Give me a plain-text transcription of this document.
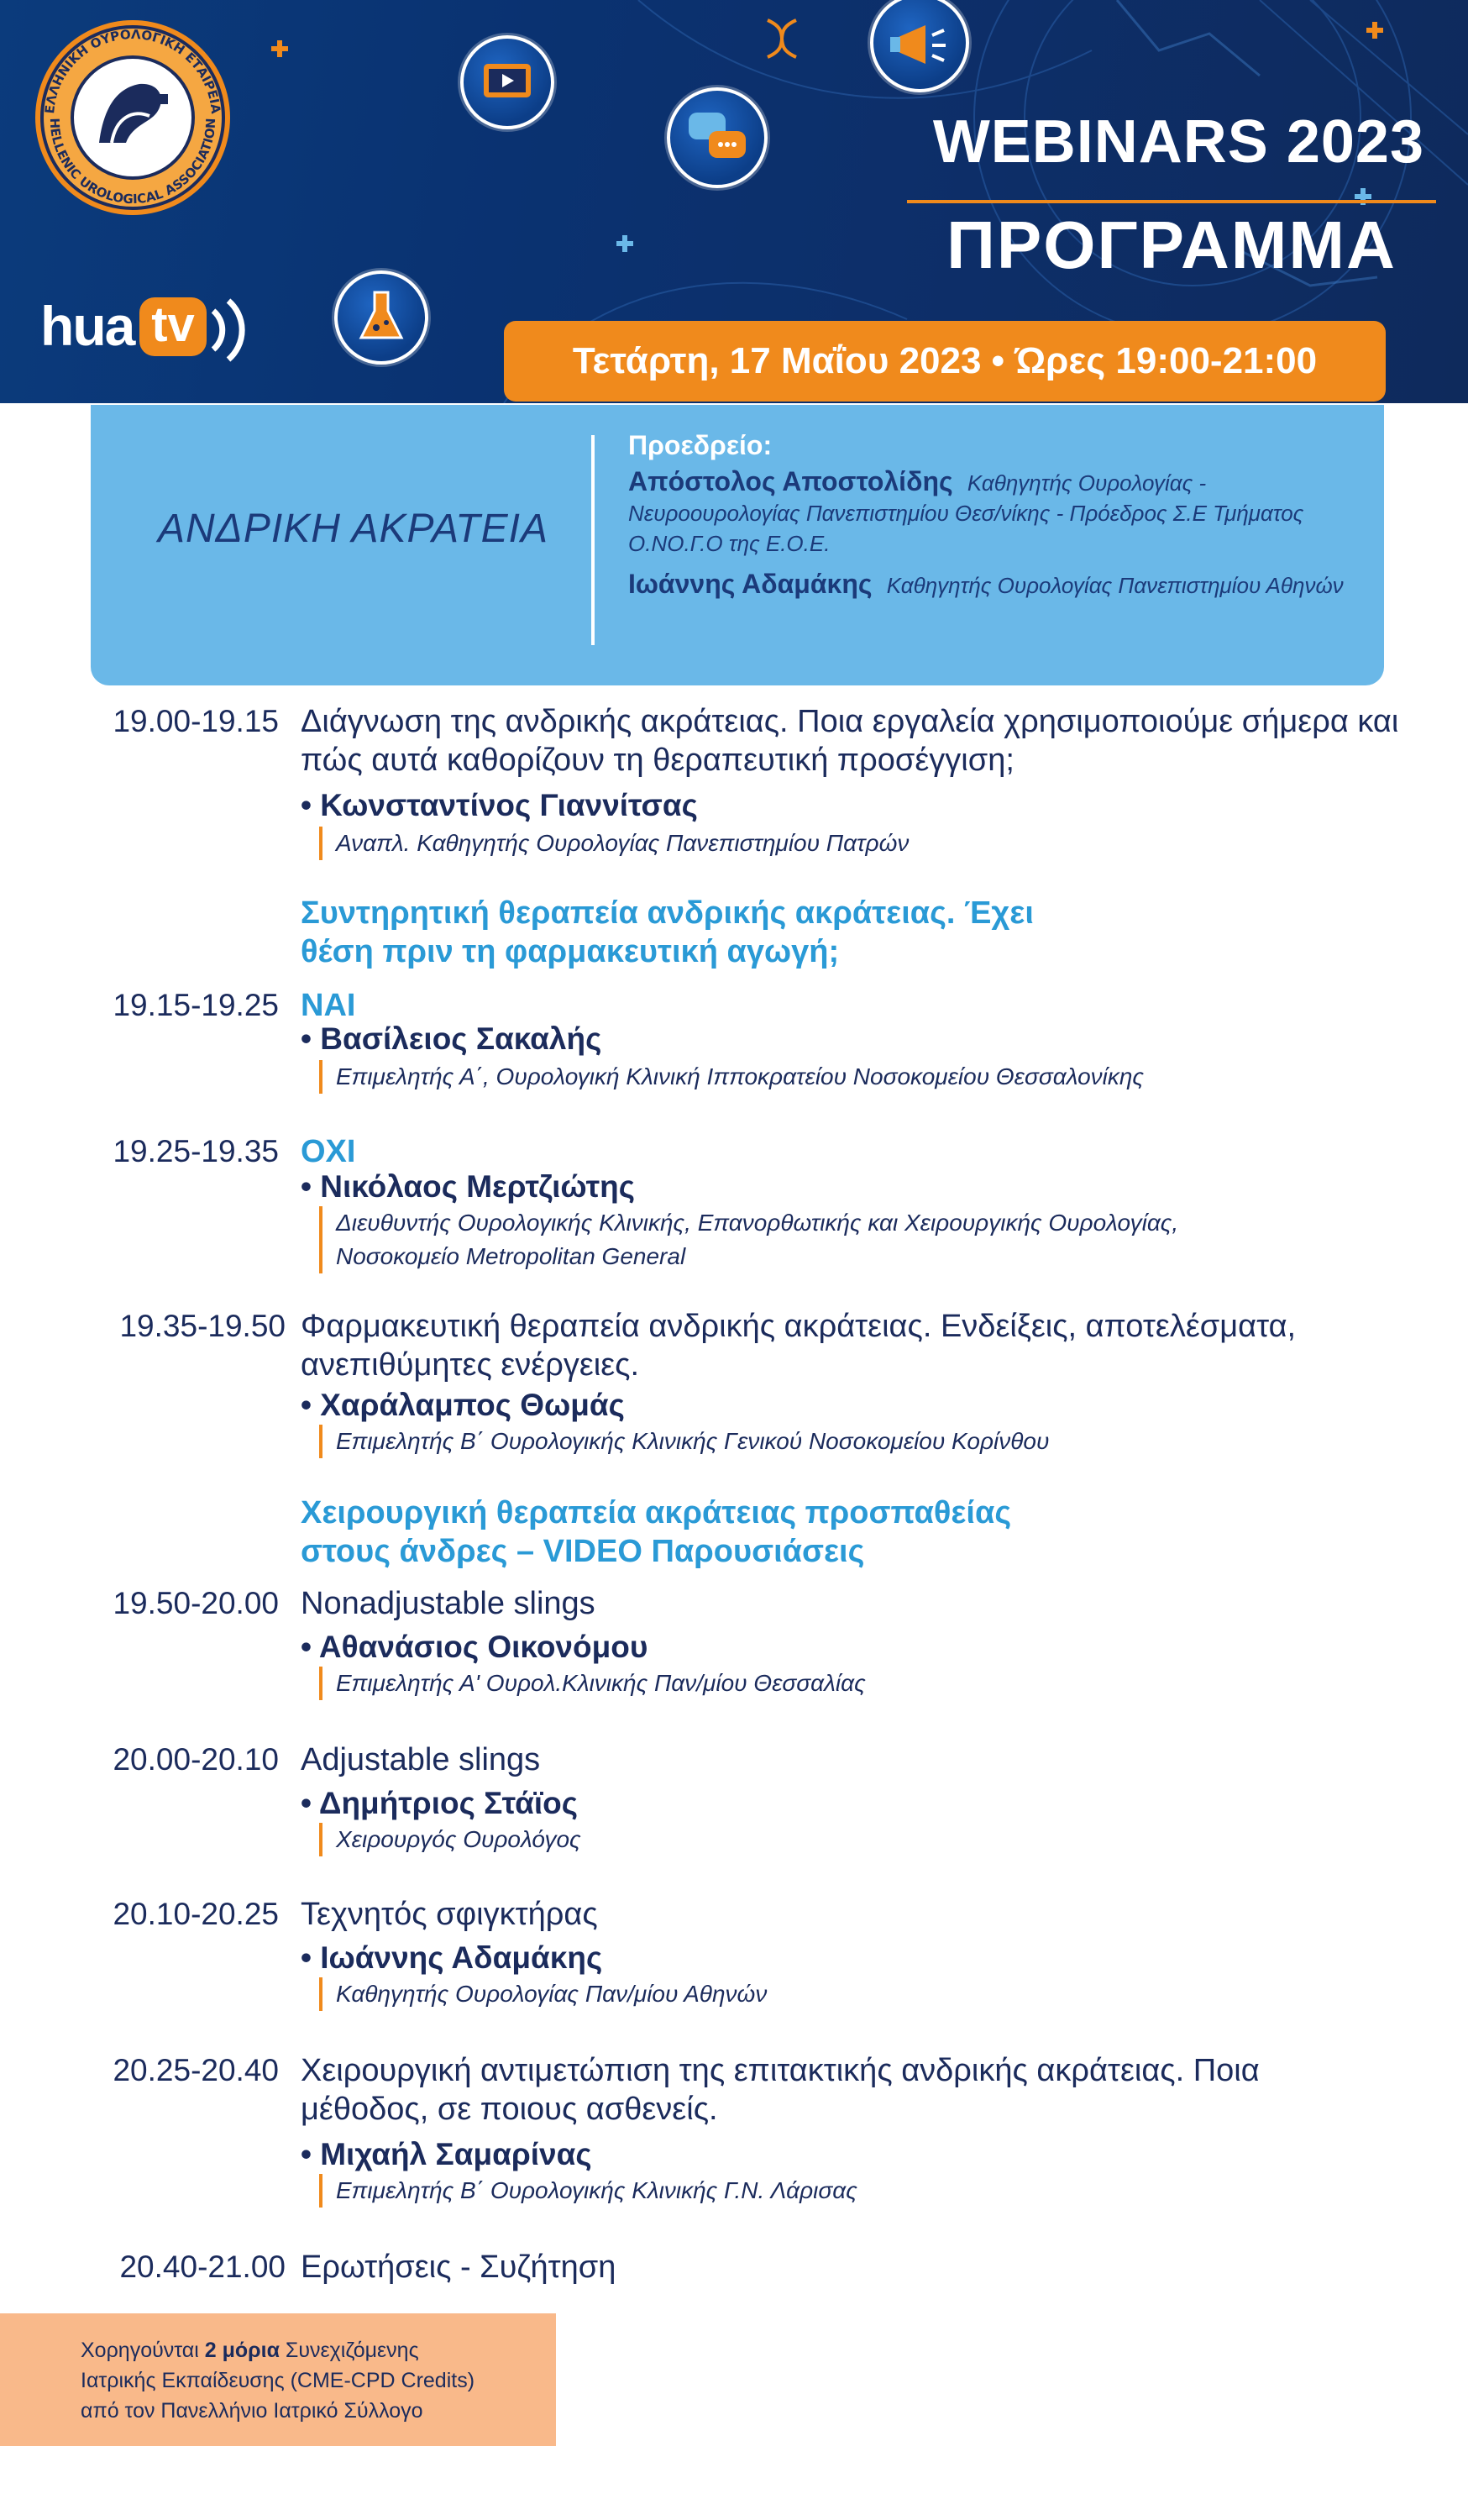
ΕΛΛΗΝΙΚΗ ΟΥΡΟΛΟΓΙΚΗ ΕΤΑΙΡΕΙΑ
HELLENIC UROLOGICAL ASSOCIATION
hua tv
WEBINARS 2023
ΠΡΟΓΡΑΜΜΑ
Τετάρτη, 17 Μαΐου 2023 • Ώρες 19:00-21:00
ΑΝΔΡΙΚΗ ΑΚΡΑΤΕΙΑ
Προεδρείο:
Απόστολος Αποστολίδης Καθηγητής Ουρολογίας - Νευροουρολογίας Πανεπιστημίου Θεσ/νίκης - Πρόεδρος Σ.Ε Τμήματος Ο.ΝΟ.Γ.Ο της Ε.Ο.Ε.
Ιωάννης Αδαμάκης Καθηγητής Ουρολογίας Πανεπιστημίου Αθηνών
19.00-19.15 Διάγνωση της ανδρικής ακράτειας. Ποια εργαλεία χρησιμοποιούμε σήμερα και πώς αυτά καθορίζουν τη θεραπευτική προσέγγιση;
• Κωνσταντίνος Γιαννίτσας
Αναπλ. Καθηγητής Ουρολογίας Πανεπιστημίου Πατρών
Συντηρητική θεραπεία ανδρικής ακράτειας. Έχει θέση πριν τη φαρμακευτική αγωγή;
19.15-19.25 ΝΑΙ
• Βασίλειος Σακαλής
Επιμελητής Α΄, Ουρολογική Κλινική Ιπποκρατείου Νοσοκομείου Θεσσαλονίκης
19.25-19.35 ΟΧΙ
• Νικόλαος Μερτζιώτης
Διευθυντής Ουρολογικής Κλινικής, Επανορθωτικής και Χειρουργικής Ουρολογίας, Νοσοκομείο Metropolitan General
19.35-19.50 Φαρμακευτική θεραπεία ανδρικής ακράτειας. Ενδείξεις, αποτελέσματα, ανεπιθύμητες ενέργειες.
• Χαράλαμπος Θωμάς
Επιμελητής Β΄ Ουρολογικής Κλινικής Γενικού Νοσοκομείου Κορίνθου
Χειρουργική θεραπεία ακράτειας προσπαθείας στους άνδρες – VIDEO Παρουσιάσεις
19.50-20.00 Nonadjustable slings
• Αθανάσιος Οικονόμου
Επιμελητής Α' Ουρολ.Κλινικής Παν/μίου Θεσσαλίας
20.00-20.10 Adjustable slings
• Δημήτριος Στάϊος
Χειρουργός Ουρολόγος
20.10-20.25 Τεχνητός σφιγκτήρας
• Ιωάννης Αδαμάκης
Καθηγητής Ουρολογίας Παν/μίου Αθηνών
20.25-20.40 Χειρουργική αντιμετώπιση της επιτακτικής ανδρικής ακράτειας. Ποια μέθοδος, σε ποιους ασθενείς.
• Μιχαήλ Σαμαρίνας
Επιμελητής Β΄ Ουρολογικής Κλινικής Γ.Ν. Λάρισας
20.40-21.00 Ερωτήσεις - Συζήτηση
Χορηγούνται 2 μόρια Συνεχιζόμενης
Ιατρικής Εκπαίδευσης (CME-CPD Credits)
από τον Πανελλήνιο Ιατρικό Σύλλογο
